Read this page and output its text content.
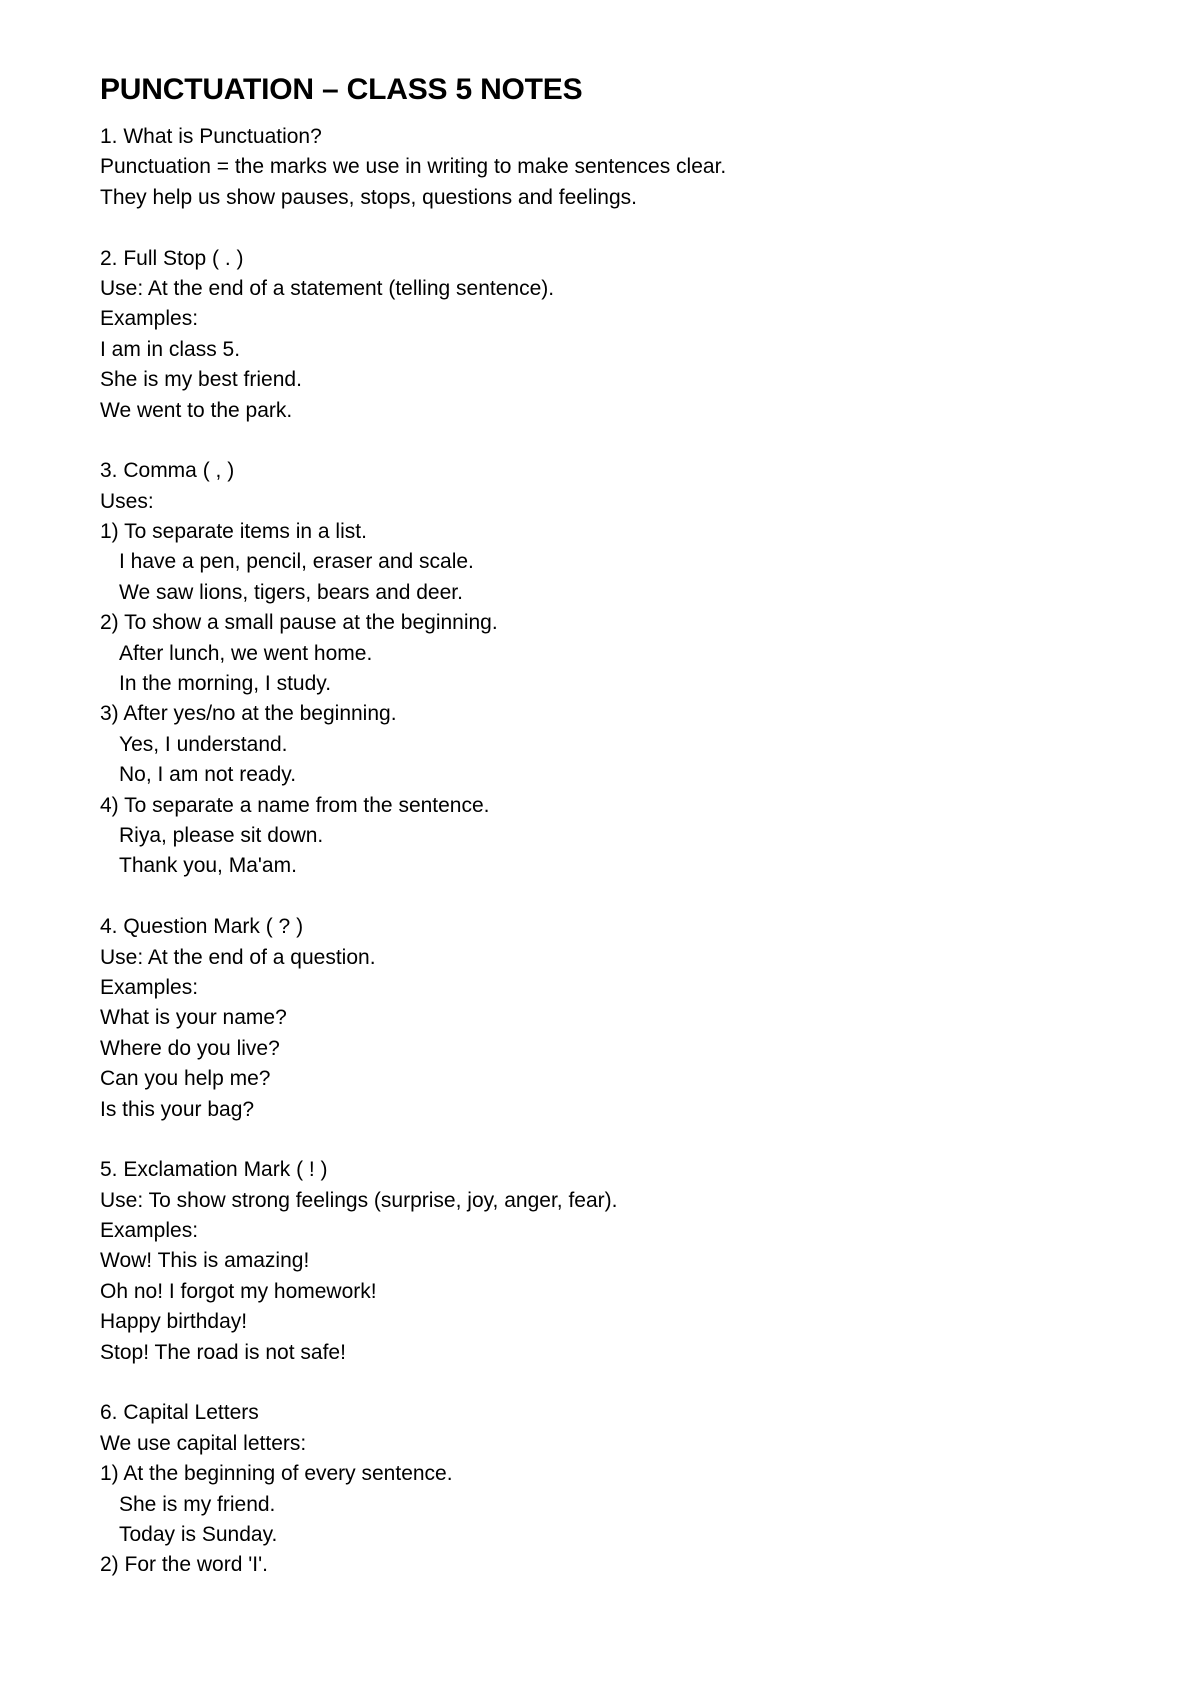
PUNCTUATION – CLASS 5 NOTES
1. What is Punctuation?
Punctuation = the marks we use in writing to make sentences clear.
They help us show pauses, stops, questions and feelings.
2. Full Stop ( . )
Use: At the end of a statement (telling sentence).
Examples:
I am in class 5.
She is my best friend.
We went to the park.
3. Comma ( , )
Uses:
1) To separate items in a list.
I have a pen, pencil, eraser and scale.
We saw lions, tigers, bears and deer.
2) To show a small pause at the beginning.
After lunch, we went home.
In the morning, I study.
3) After yes/no at the beginning.
Yes, I understand.
No, I am not ready.
4) To separate a name from the sentence.
Riya, please sit down.
Thank you, Ma'am.
4. Question Mark ( ? )
Use: At the end of a question.
Examples:
What is your name?
Where do you live?
Can you help me?
Is this your bag?
5. Exclamation Mark ( ! )
Use: To show strong feelings (surprise, joy, anger, fear).
Examples:
Wow! This is amazing!
Oh no! I forgot my homework!
Happy birthday!
Stop! The road is not safe!
6. Capital Letters
We use capital letters:
1) At the beginning of every sentence.
She is my friend.
Today is Sunday.
2) For the word 'I'.
